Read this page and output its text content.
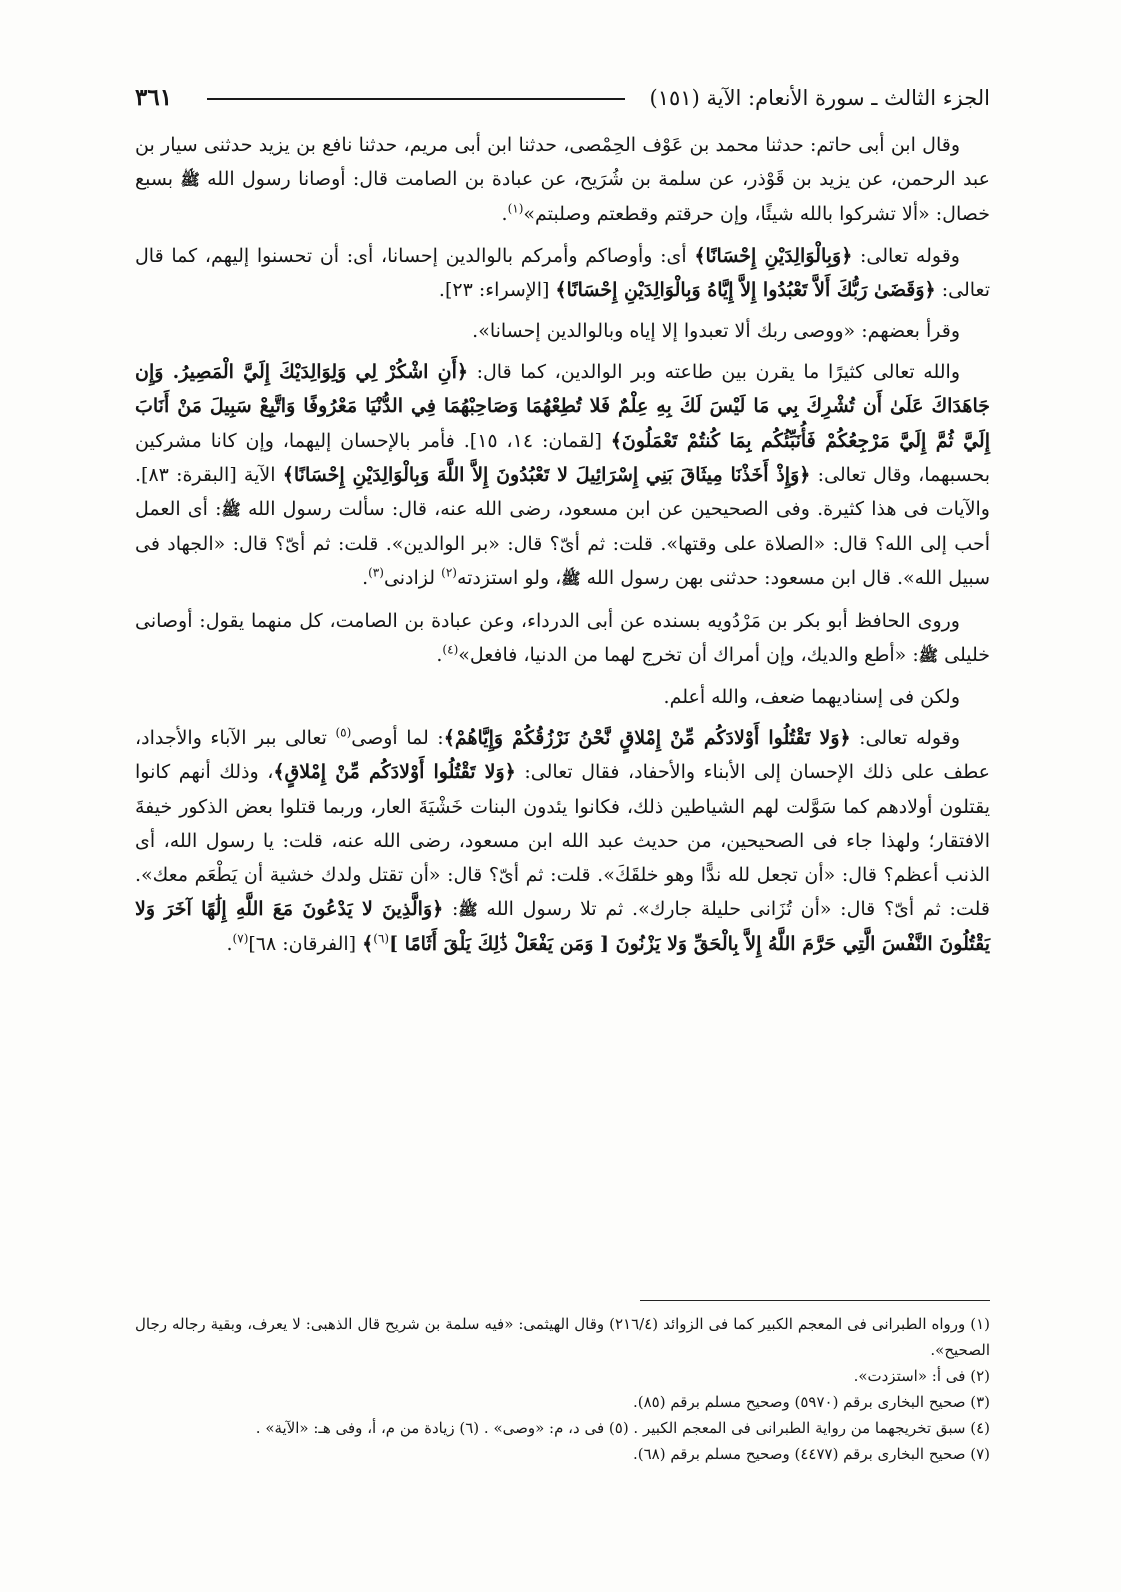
الجزء الثالث ـ سورة الأنعام: الآية (١٥١)
٣٦١

وقال ابن أبى حاتم: حدثنا محمد بن عَوْف الحِمْصى، حدثنا ابن أبى مريم، حدثنا نافع بن يزيد حدثنى سيار بن عبد الرحمن، عن يزيد بن قَوْذر، عن سلمة بن شُرَيح، عن عبادة بن الصامت قال: أوصانا رسول الله ﷺ بسبع خصال: «ألا تشركوا بالله شيئًا، وإن حرقتم وقطعتم وصلبتم»$^{(١)}$.

وقوله تعالى: ﴿وَبِالْوَالِدَيْنِ إِحْسَانًا﴾ أى: وأوصاكم وأمركم بالوالدين إحسانا، أى: أن تحسنوا إليهم، كما قال تعالى: ﴿وَقَضَىٰ رَبُّكَ أَلاَّ تَعْبُدُوا إِلاَّ إِيَّاهُ وَبِالْوَالِدَيْنِ إِحْسَانًا﴾ [الإسراء: ٢٣].

وقرأ بعضهم: «ووصى ربك ألا تعبدوا إلا إياه وبالوالدين إحسانا».

والله تعالى كثيرًا ما يقرن بين طاعته وبر الوالدين، كما قال: ﴿أَنِ اشْكُرْ لِي وَلِوَالِدَيْكَ إِلَيَّ الْمَصِيرُ. وَإِن جَاهَدَاكَ عَلَىٰ أَن تُشْرِكَ بِي مَا لَيْسَ لَكَ بِهِ عِلْمٌ فَلا تُطِعْهُمَا وَصَاحِبْهُمَا فِي الدُّنْيَا مَعْرُوفًا وَاتَّبِعْ سَبِيلَ مَنْ أَنَابَ إِلَيَّ ثُمَّ إِلَيَّ مَرْجِعُكُمْ فَأُنَبِّئُكُم بِمَا كُنتُمْ تَعْمَلُونَ﴾ [لقمان: ١٤، ١٥]. فأمر بالإحسان إليهما، وإن كانا مشركين بحسبهما، وقال تعالى: ﴿وَإِذْ أَخَذْنَا مِيثَاقَ بَنِي إِسْرَائِيلَ لا تَعْبُدُونَ إِلاَّ اللَّهَ وَبِالْوَالِدَيْنِ إِحْسَانًا﴾ الآية [البقرة: ٨٣]. والآيات فى هذا كثيرة. وفى الصحيحين عن ابن مسعود، رضى الله عنه، قال: سألت رسول الله ﷺ: أى العمل أحب إلى الله؟ قال: «الصلاة على وقتها». قلت: ثم أىّ؟ قال: «بر الوالدين». قلت: ثم أىّ؟ قال: «الجهاد فى سبيل الله». قال ابن مسعود: حدثنى بهن رسول الله ﷺ، ولو استزدته$^{(٢)}$ لزادنى$^{(٣)}$.

وروى الحافظ أبو بكر بن مَرْدُويه بسنده عن أبى الدرداء، وعن عبادة بن الصامت، كل منهما يقول: أوصانى خليلى ﷺ: «أطع والديك، وإن أمراك أن تخرج لهما من الدنيا، فافعل»$^{(٤)}$.

ولكن فى إسناديهما ضعف، والله أعلم.

وقوله تعالى: ﴿وَلا تَقْتُلُوا أَوْلادَكُم مِّنْ إِمْلاقٍ نَّحْنُ نَرْزُقُكُمْ وَإِيَّاهُمْ﴾: لما أوصى$^{(٥)}$ تعالى ببر الآباء والأجداد، عطف على ذلك الإحسان إلى الأبناء والأحفاد، فقال تعالى: ﴿وَلا تَقْتُلُوا أَوْلادَكُم مِّنْ إِمْلاقٍ﴾، وذلك أنهم كانوا يقتلون أولادهم كما سَوَّلت لهم الشياطين ذلك، فكانوا يئدون البنات خَشْيَةَ العار، وربما قتلوا بعض الذكور خيفةَ الافتقار؛ ولهذا جاء فى الصحيحين، من حديث عبد الله ابن مسعود، رضى الله عنه، قلت: يا رسول الله، أى الذنب أعظم؟ قال: «أن تجعل لله ندًّا وهو خلقَكَ». قلت: ثم أىّ؟ قال: «أن تقتل ولدك خشية أن يَطْعَم معك». قلت: ثم أىّ؟ قال: «أن تُزَانى حليلة جارك». ثم تلا رسول الله ﷺ: ﴿وَالَّذِينَ لا يَدْعُونَ مَعَ اللَّهِ إِلَٰهًا آخَرَ وَلا يَقْتُلُونَ النَّفْسَ الَّتِي حَرَّمَ اللَّهُ إِلاَّ بِالْحَقِّ وَلا يَزْنُونَ [ وَمَن يَفْعَلْ ذَٰلِكَ يَلْقَ أَثَامًا ]$^{(٦)}$﴾ [الفرقان: ٦٨]$^{(٧)}$.

(١) ورواه الطبرانى فى المعجم الكبير كما فى الزوائد (٢١٦/٤) وقال الهيثمى: «فيه سلمة بن شريح قال الذهبى: لا يعرف، وبقية رجاله رجال الصحيح».

(٢) فى أ: «استزدت».

(٣) صحيح البخارى برقم (٥٩٧٠) وصحيح مسلم برقم (٨٥).

(٤) سبق تخريجهما من رواية الطبرانى فى المعجم الكبير . (٥) فى د، م: «وصى» . (٦) زيادة من م، أ، وفى هـ: «الآية» .

(٧) صحيح البخارى برقم (٤٤٧٧) وصحيح مسلم برقم (٦٨).
